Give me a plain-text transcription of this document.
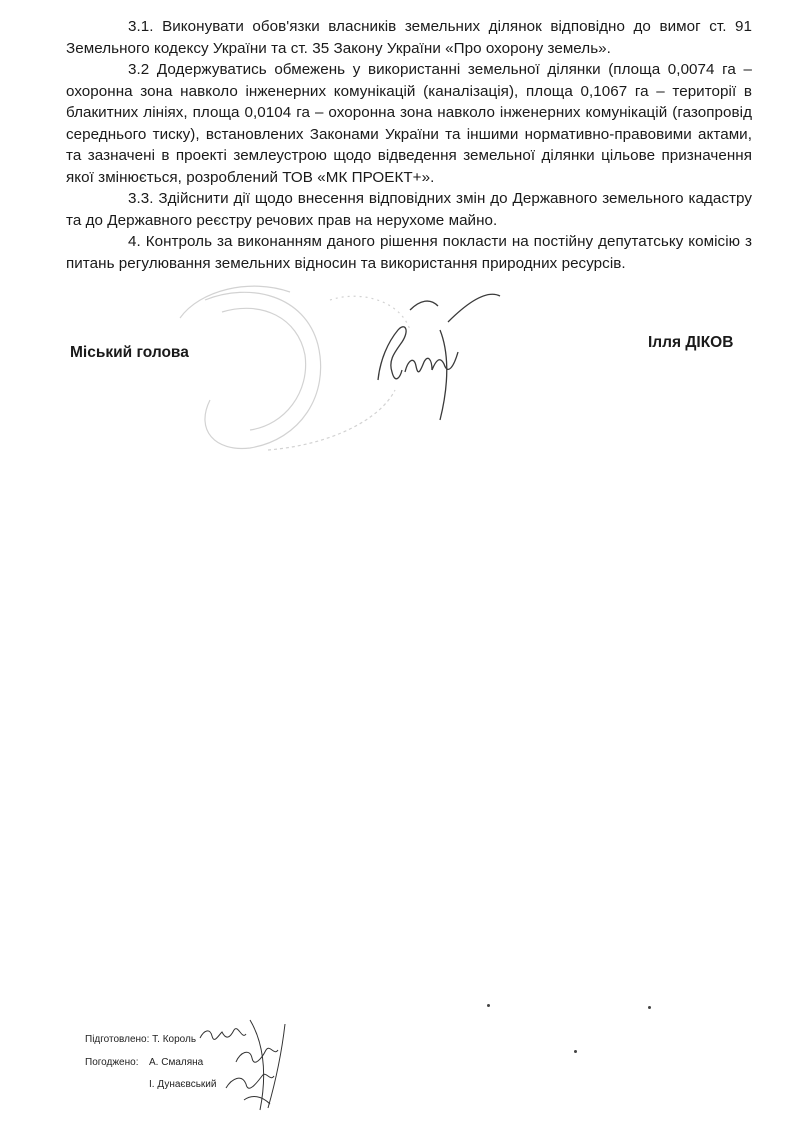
3.1. Виконувати обов'язки власників земельних ділянок відповідно до вимог ст. 91 Земельного кодексу України та ст. 35 Закону України «Про охорону земель».

3.2 Додержуватись обмежень у використанні земельної ділянки (площа 0,0074 га – охоронна зона навколо інженерних комунікацій (каналізація), площа 0,1067 га – території в блакитних лініях, площа 0,0104 га – охоронна зона навколо інженерних комунікацій (газопровід середнього тиску), встановлених Законами України та іншими нормативно-правовими актами, та зазначені в проекті землеустрою щодо відведення земельної ділянки цільове призначення якої змінюється, розроблений ТОВ «МК ПРОЕКТ+».

3.3. Здійснити дії щодо внесення відповідних змін до Державного земельного кадастру та до Державного реєстру речових прав на нерухоме майно.

4. Контроль за виконанням даного рішення покласти на постійну депутатську комісію з питань регулювання земельних відносин та використання природних ресурсів.

Міський голова
Ілля ДІКОВ
Підготовлено: Т. Король
Погоджено: А. Смаляна
І. Дунаєвський
